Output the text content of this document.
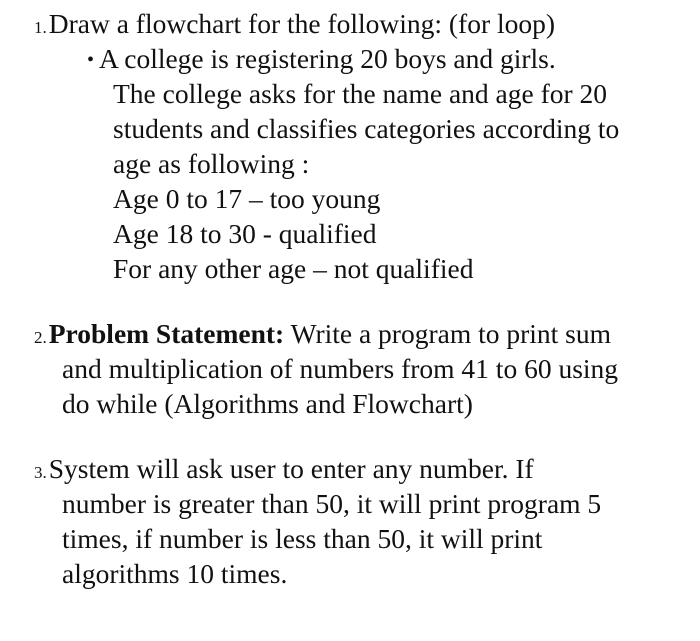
1.Draw a flowchart for the following: (for loop)
• A college is registering 20 boys and girls.
The college asks for the name and age for 20
students and classifies categories according to
age as following :
Age 0 to 17 – too young
Age 18 to 30 - qualified
For any other age – not qualified
2.Problem Statement: Write a program to print sum
and multiplication of numbers from 41 to 60 using
do while (Algorithms and Flowchart)
3.System will ask user to enter any number. If
number is greater than 50, it will print program 5
times, if number is less than 50, it will print
algorithms 10 times.
